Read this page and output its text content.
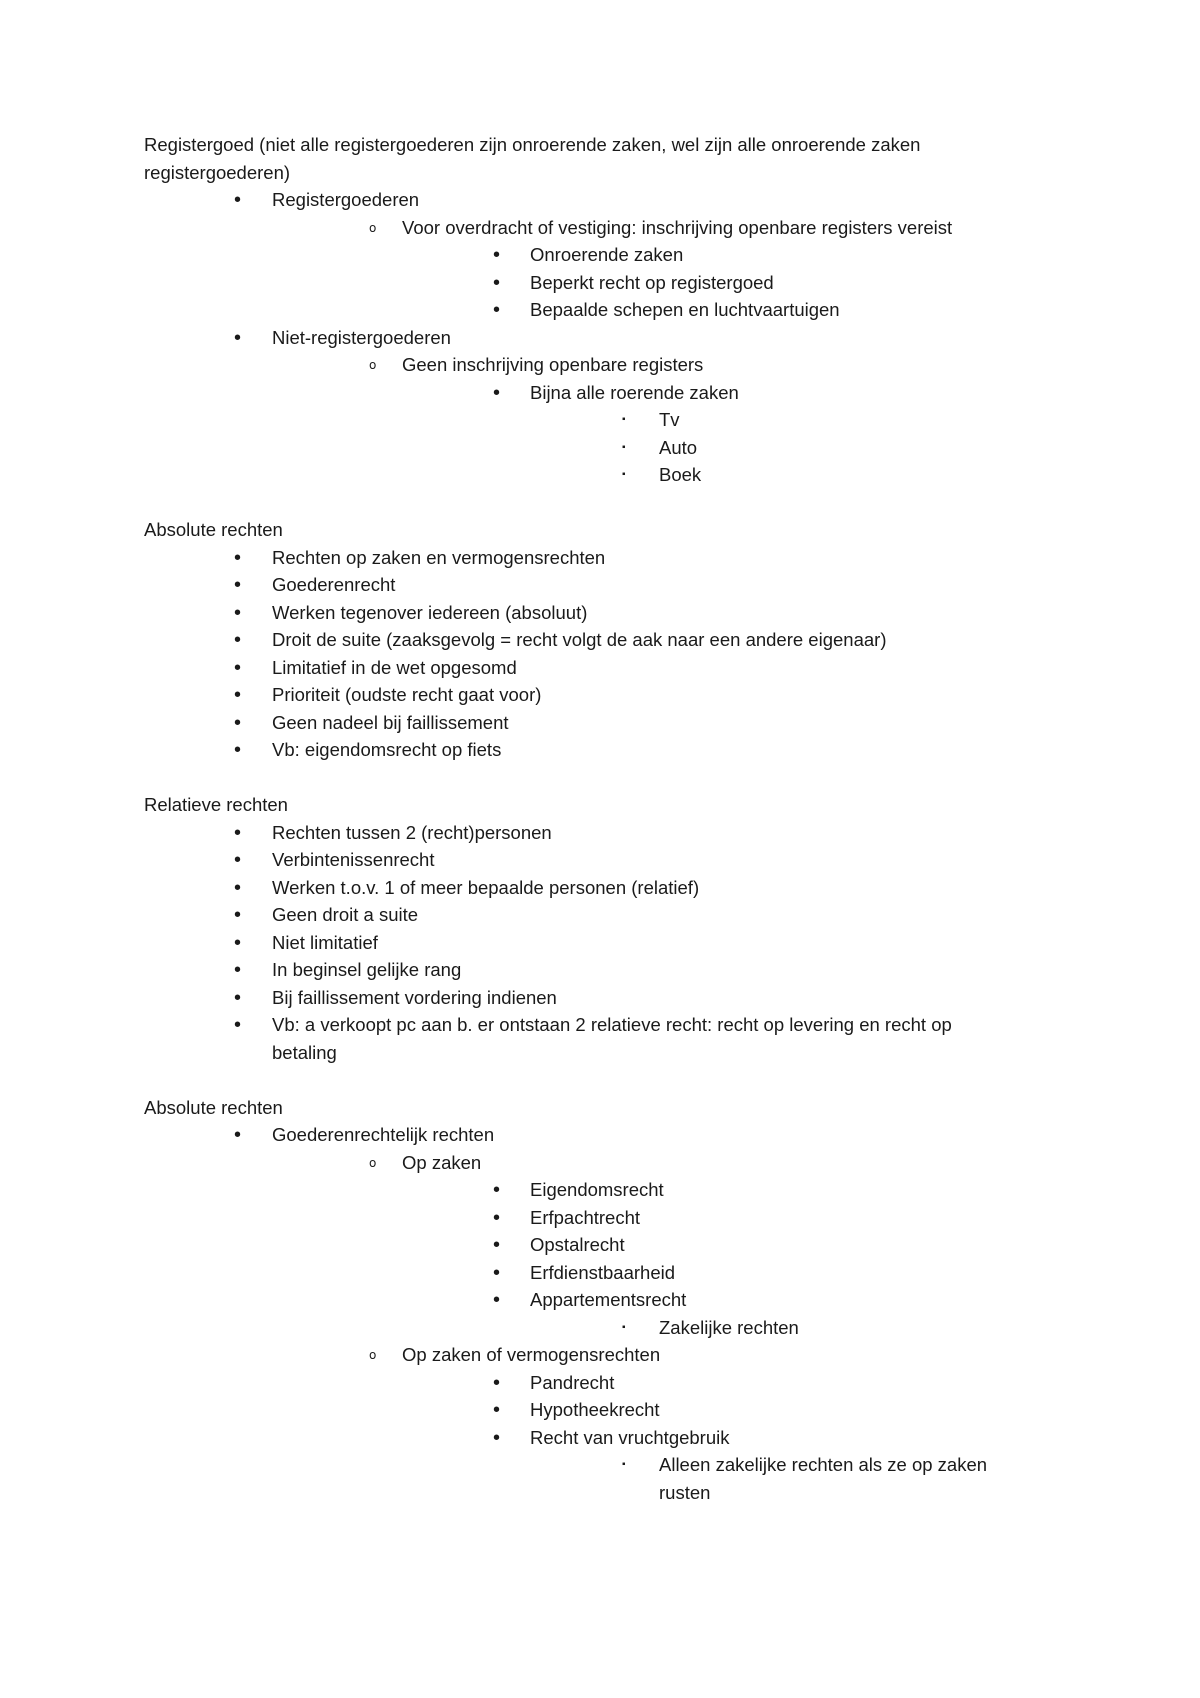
Registergoed (niet alle registergoederen zijn onroerende zaken, wel zijn alle onroerende zaken
registergoederen)
• Registergoederen
o Voor overdracht of vestiging: inschrijving openbare registers vereist
• Onroerende zaken
• Beperkt recht op registergoed
• Bepaalde schepen en luchtvaartuigen
• Niet-registergoederen
o Geen inschrijving openbare registers
• Bijna alle roerende zaken
▪ Tv
▪ Auto
▪ Boek
Absolute rechten
• Rechten op zaken en vermogensrechten
• Goederenrecht
• Werken tegenover iedereen (absoluut)
• Droit de suite (zaaksgevolg = recht volgt de aak naar een andere eigenaar)
• Limitatief in de wet opgesomd
• Prioriteit (oudste recht gaat voor)
• Geen nadeel bij faillissement
• Vb: eigendomsrecht op fiets
Relatieve rechten
• Rechten tussen 2 (recht)personen
• Verbintenissenrecht
• Werken t.o.v. 1 of meer bepaalde personen (relatief)
• Geen droit a suite
• Niet limitatief
• In beginsel gelijke rang
• Bij faillissement vordering indienen
• Vb: a verkoopt pc aan b. er ontstaan 2 relatieve recht: recht op levering en recht op
betaling
Absolute rechten
• Goederenrechtelijk rechten
o Op zaken
• Eigendomsrecht
• Erfpachtrecht
• Opstalrecht
• Erfdienstbaarheid
• Appartementsrecht
▪ Zakelijke rechten
o Op zaken of vermogensrechten
• Pandrecht
• Hypotheekrecht
• Recht van vruchtgebruik
▪ Alleen zakelijke rechten als ze op zaken
rusten
